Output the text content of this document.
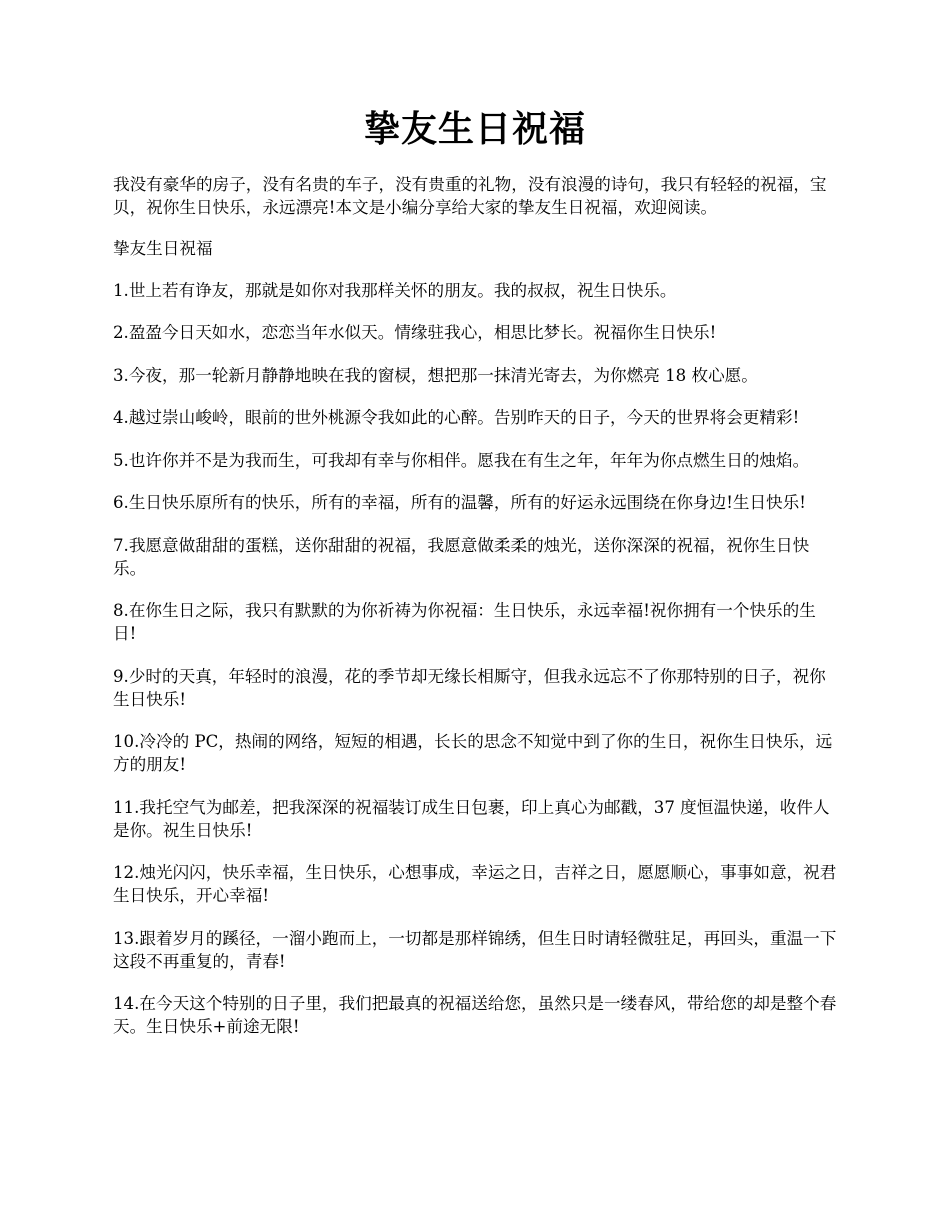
挚友生日祝福

我没有豪华的房子，没有名贵的车子，没有贵重的礼物，没有浪漫的诗句，我只有轻轻的祝福，宝贝，祝你生日快乐，永远漂亮!本文是小编分享给大家的挚友生日祝福，欢迎阅读。

挚友生日祝福

1.世上若有诤友，那就是如你对我那样关怀的朋友。我的叔叔，祝生日快乐。

2.盈盈今日天如水，恋恋当年水似天。情缘驻我心，相思比梦长。祝福你生日快乐!

3.今夜，那一轮新月静静地映在我的窗棂，想把那一抹清光寄去，为你燃亮 18 枚心愿。

4.越过崇山峻岭，眼前的世外桃源令我如此的心醉。告别昨天的日子，今天的世界将会更精彩!

5.也许你并不是为我而生，可我却有幸与你相伴。愿我在有生之年，年年为你点燃生日的烛焰。

6.生日快乐原所有的快乐，所有的幸福，所有的温馨，所有的好运永远围绕在你身边!生日快乐!

7.我愿意做甜甜的蛋糕，送你甜甜的祝福，我愿意做柔柔的烛光，送你深深的祝福，祝你生日快乐。

8.在你生日之际，我只有默默的为你祈祷为你祝福：生日快乐，永远幸福!祝你拥有一个快乐的生日!

9.少时的天真，年轻时的浪漫，花的季节却无缘长相厮守，但我永远忘不了你那特别的日子，祝你生日快乐!

10.冷冷的 PC，热闹的网络，短短的相遇，长长的思念不知觉中到了你的生日，祝你生日快乐，远方的朋友!

11.我托空气为邮差，把我深深的祝福装订成生日包裹，印上真心为邮戳，37 度恒温快递，收件人是你。祝生日快乐!

12.烛光闪闪，快乐幸福，生日快乐，心想事成，幸运之日，吉祥之日，愿愿顺心，事事如意，祝君生日快乐，开心幸福!

13.跟着岁月的蹊径，一溜小跑而上，一切都是那样锦绣，但生日时请轻微驻足，再回头，重温一下这段不再重复的，青春!

14.在今天这个特别的日子里，我们把最真的祝福送给您，虽然只是一缕春风，带给您的却是整个春天。生日快乐+前途无限!
